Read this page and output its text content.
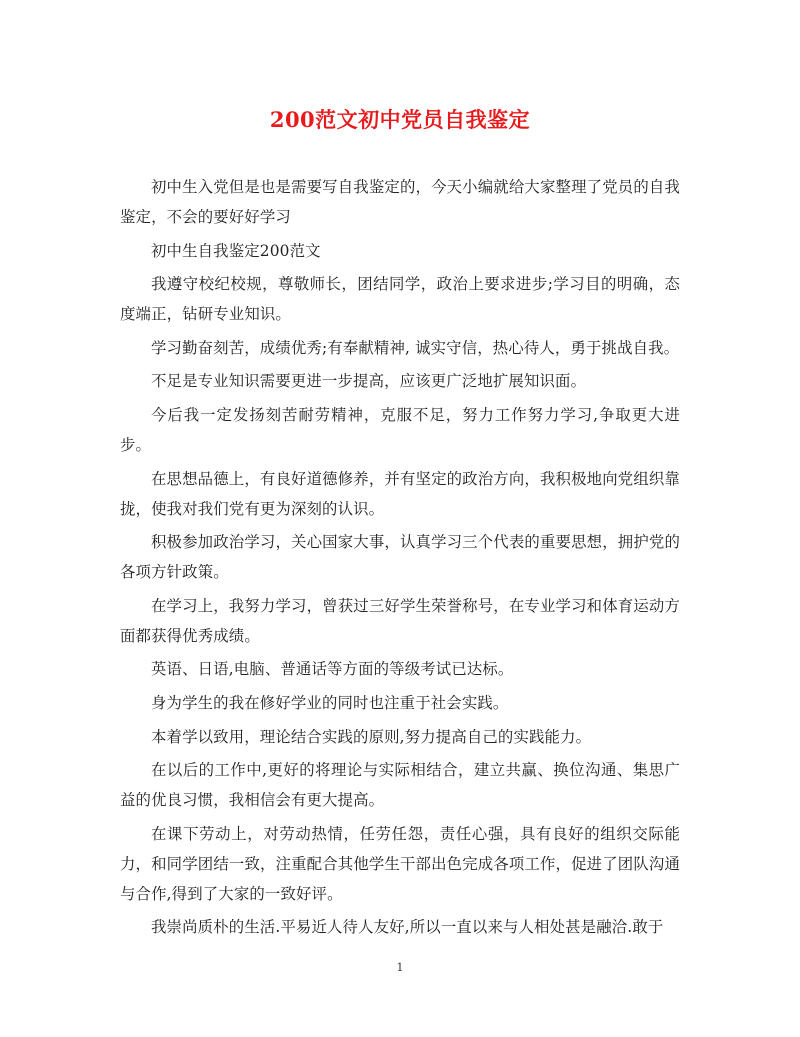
200范文初中党员自我鉴定

初中生入党但是也是需要写自我鉴定的，今天小编就给大家整理了党员的自我鉴定，不会的要好好学习

初中生自我鉴定200范文

我遵守校纪校规，尊敬师长，团结同学，政治上要求进步;学习目的明确，态度端正，钻研专业知识。

学习勤奋刻苦，成绩优秀;有奉献精神, 诚实守信，热心待人，勇于挑战自我。

不足是专业知识需要更进一步提高，应该更广泛地扩展知识面。

今后我一定发扬刻苦耐劳精神，克服不足，努力工作努力学习,争取更大进步。

在思想品德上，有良好道德修养，并有坚定的政治方向，我积极地向党组织靠拢，使我对我们党有更为深刻的认识。

积极参加政治学习，关心国家大事，认真学习三个代表的重要思想，拥护党的各项方针政策。

在学习上，我努力学习，曾获过三好学生荣誉称号，在专业学习和体育运动方面都获得优秀成绩。

英语、日语,电脑、普通话等方面的等级考试已达标。

身为学生的我在修好学业的同时也注重于社会实践。

本着学以致用，理论结合实践的原则,努力提高自己的实践能力。

在以后的工作中,更好的将理论与实际相结合，建立共赢、换位沟通、集思广益的优良习惯，我相信会有更大提高。

在课下劳动上，对劳动热情，任劳任怨，责任心强，具有良好的组织交际能力，和同学团结一致，注重配合其他学生干部出色完成各项工作，促进了团队沟通与合作,得到了大家的一致好评。

我崇尚质朴的生活.平易近人待人友好,所以一直以来与人相处甚是融洽.敢于

1
